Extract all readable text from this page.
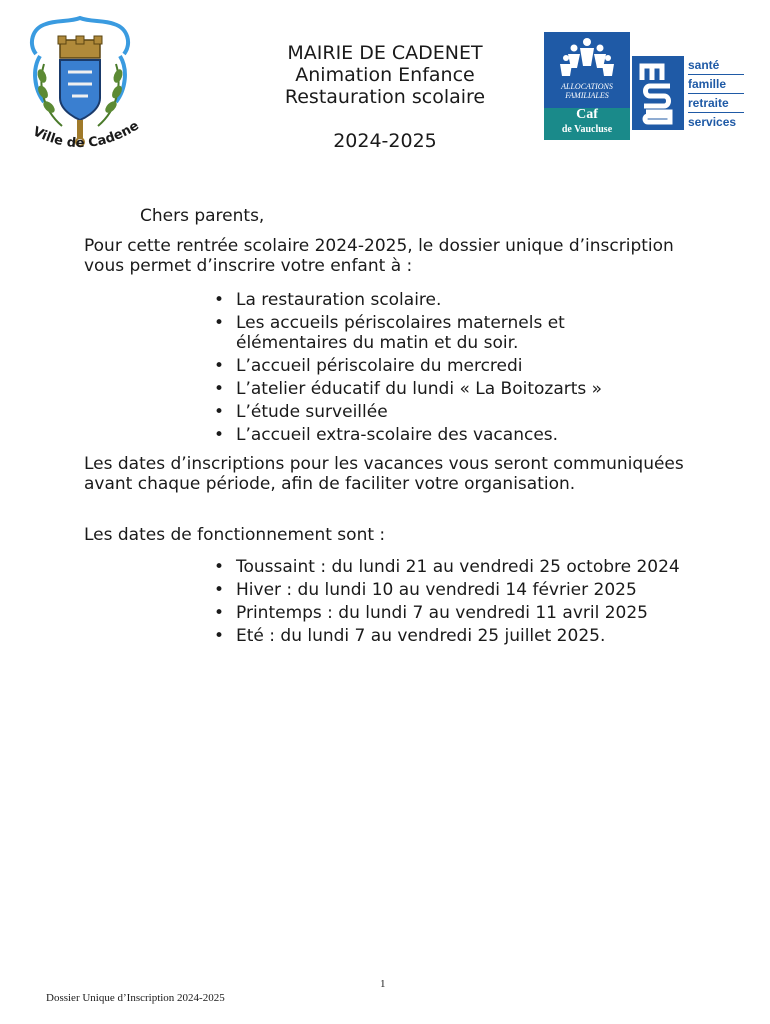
Ville de Cadene
MAIRIE DE CADENET
Animation Enfance
Restauration scolaire
2024-2025
ALLOCATIONS
FAMILIALES
Caf
de Vaucluse
santé
famille
retraite
services
Chers parents,
Pour cette rentrée scolaire 2024-2025, le dossier unique d’inscription vous permet d’inscrire votre enfant à :
• La restauration scolaire.
• Les accueils périscolaires maternels et élémentaires du matin et du soir.
• L’accueil périscolaire du mercredi
• L’atelier éducatif du lundi « La Boitozarts »
• L’étude surveillée
• L’accueil extra-scolaire des vacances.
Les dates d’inscriptions pour les vacances vous seront communiquées avant chaque période, afin de faciliter votre organisation.
Les dates de fonctionnement sont :
• Toussaint : du lundi 21 au vendredi 25 octobre 2024
• Hiver : du lundi 10 au vendredi 14 février 2025
• Printemps : du lundi 7 au vendredi 11 avril 2025
• Eté : du lundi 7 au vendredi 25 juillet 2025.
1
Dossier Unique d’Inscription 2024-2025
